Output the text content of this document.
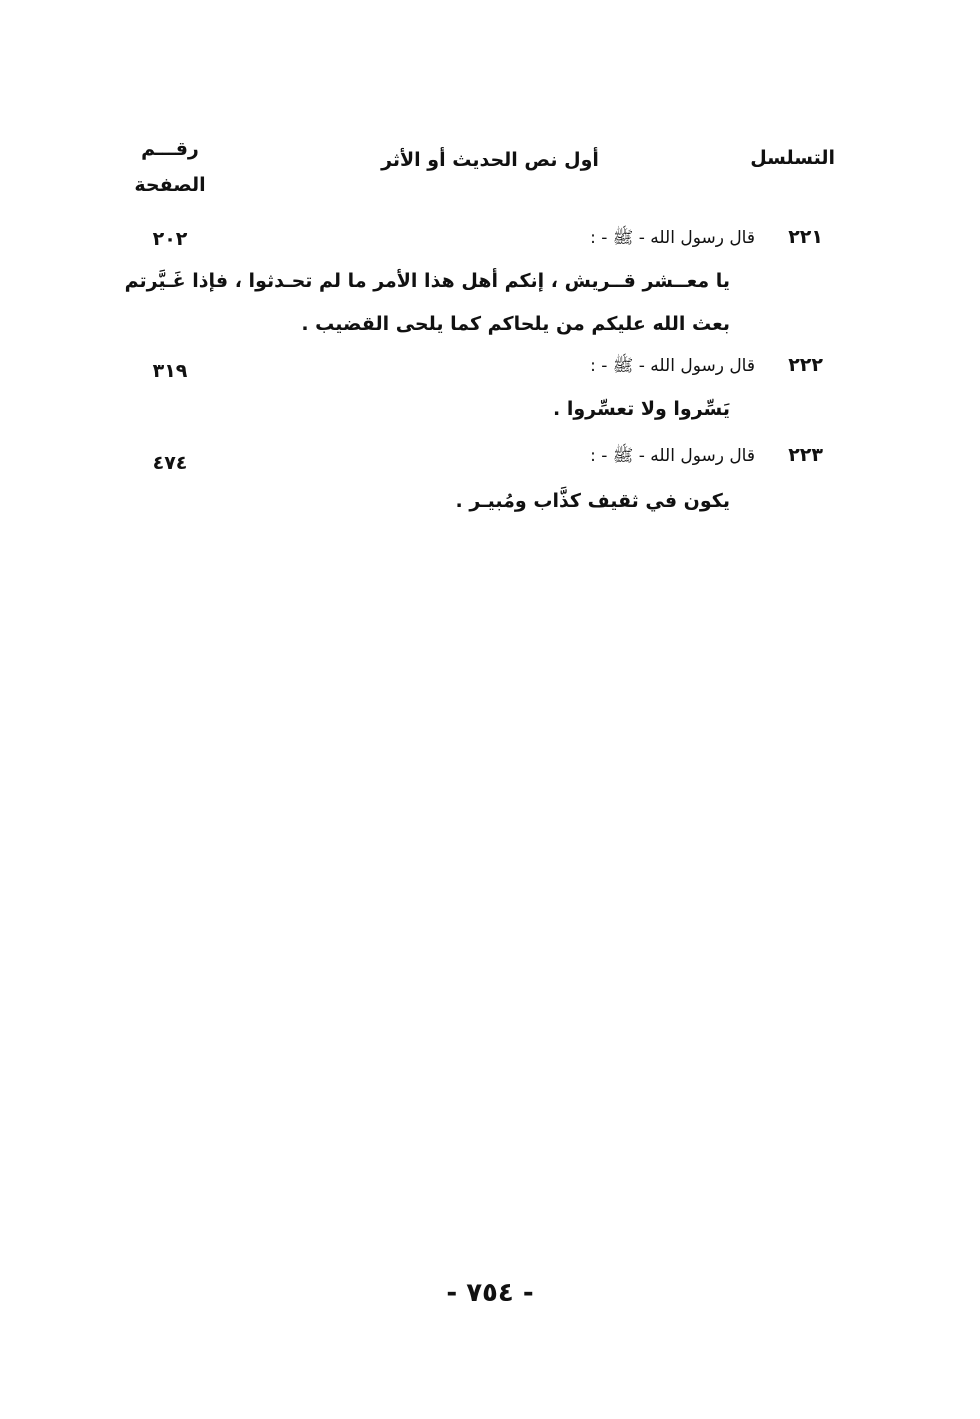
التسلسل
أول نص الحديث أو الأثر
رقـــم
الصفحة
٢٢١
قال رسول الله - ﷺ - :
٢٠٢
يا معــشر قــريش ، إنكم أهل هذا الأمر ما لم تحـدثوا ، فإذا غَـيَّرتم
بعث الله عليكم من يلحاكم كما يلحى القضيب .
٢٢٢
قال رسول الله - ﷺ - :
٣١٩
يَسِّروا ولا تعسِّروا .
٢٢٣
قال رسول الله - ﷺ - :
٤٧٤
يكون في ثقيف كذَّاب ومُبيـر .
- ٧٥٤ -
